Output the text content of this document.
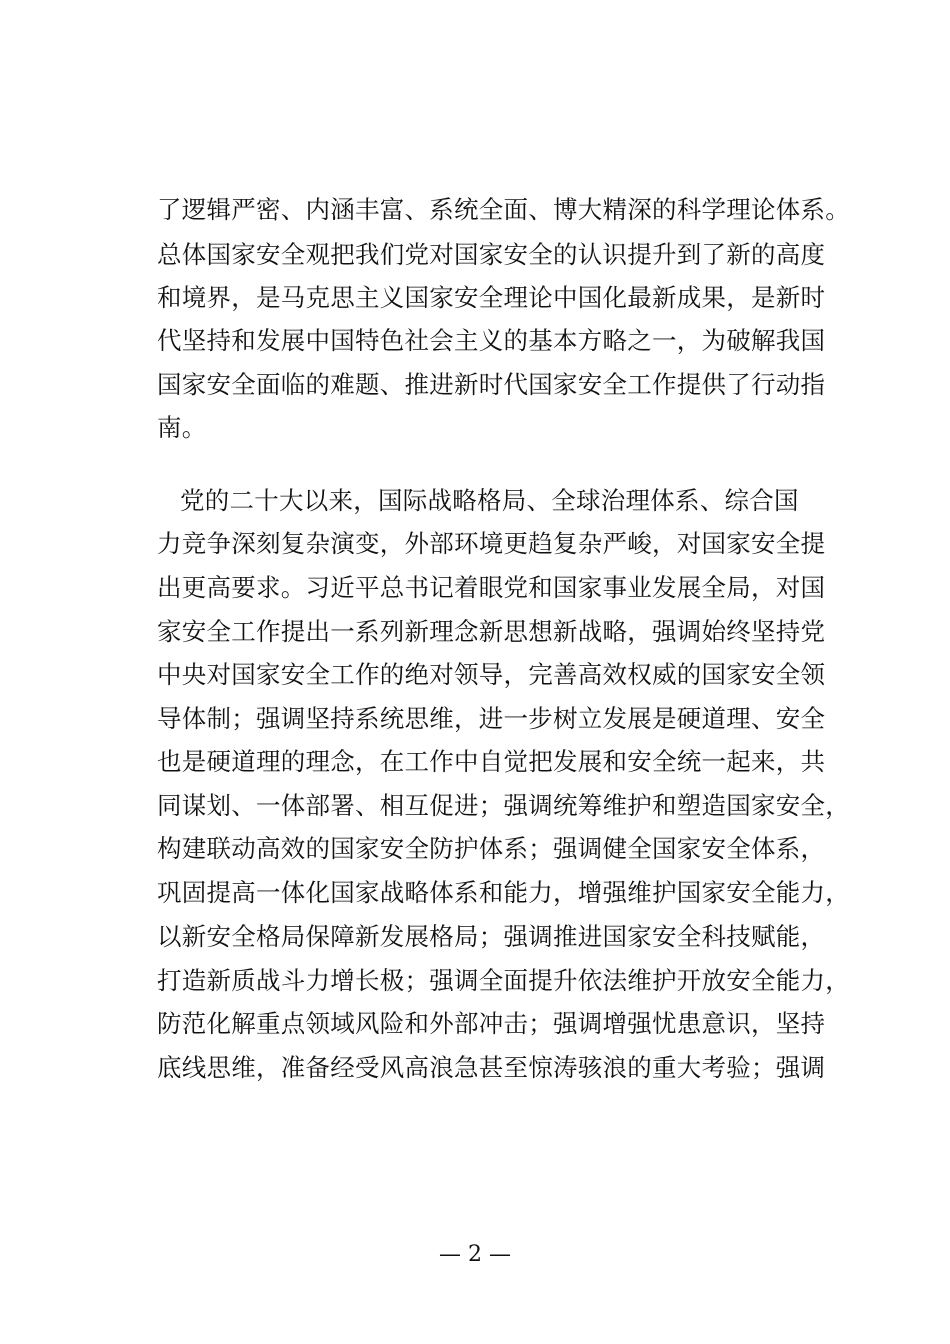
了逻辑严密、内涵丰富、系统全面、博大精深的科学理论体系。
总体国家安全观把我们党对国家安全的认识提升到了新的高度
和境界，是马克思主义国家安全理论中国化最新成果，是新时
代坚持和发展中国特色社会主义的基本方略之一，为破解我国
国家安全面临的难题、推进新时代国家安全工作提供了行动指
南。
党的二十大以来，国际战略格局、全球治理体系、综合国
力竞争深刻复杂演变，外部环境更趋复杂严峻，对国家安全提
出更高要求。习近平总书记着眼党和国家事业发展全局，对国
家安全工作提出一系列新理念新思想新战略，强调始终坚持党
中央对国家安全工作的绝对领导，完善高效权威的国家安全领
导体制；强调坚持系统思维，进一步树立发展是硬道理、安全
也是硬道理的理念，在工作中自觉把发展和安全统一起来，共
同谋划、一体部署、相互促进；强调统筹维护和塑造国家安全，
构建联动高效的国家安全防护体系；强调健全国家安全体系，
巩固提高一体化国家战略体系和能力，增强维护国家安全能力，
以新安全格局保障新发展格局；强调推进国家安全科技赋能，
打造新质战斗力增长极；强调全面提升依法维护开放安全能力，
防范化解重点领域风险和外部冲击；强调增强忧患意识，坚持
底线思维，准备经受风高浪急甚至惊涛骇浪的重大考验；强调
— 2 —
